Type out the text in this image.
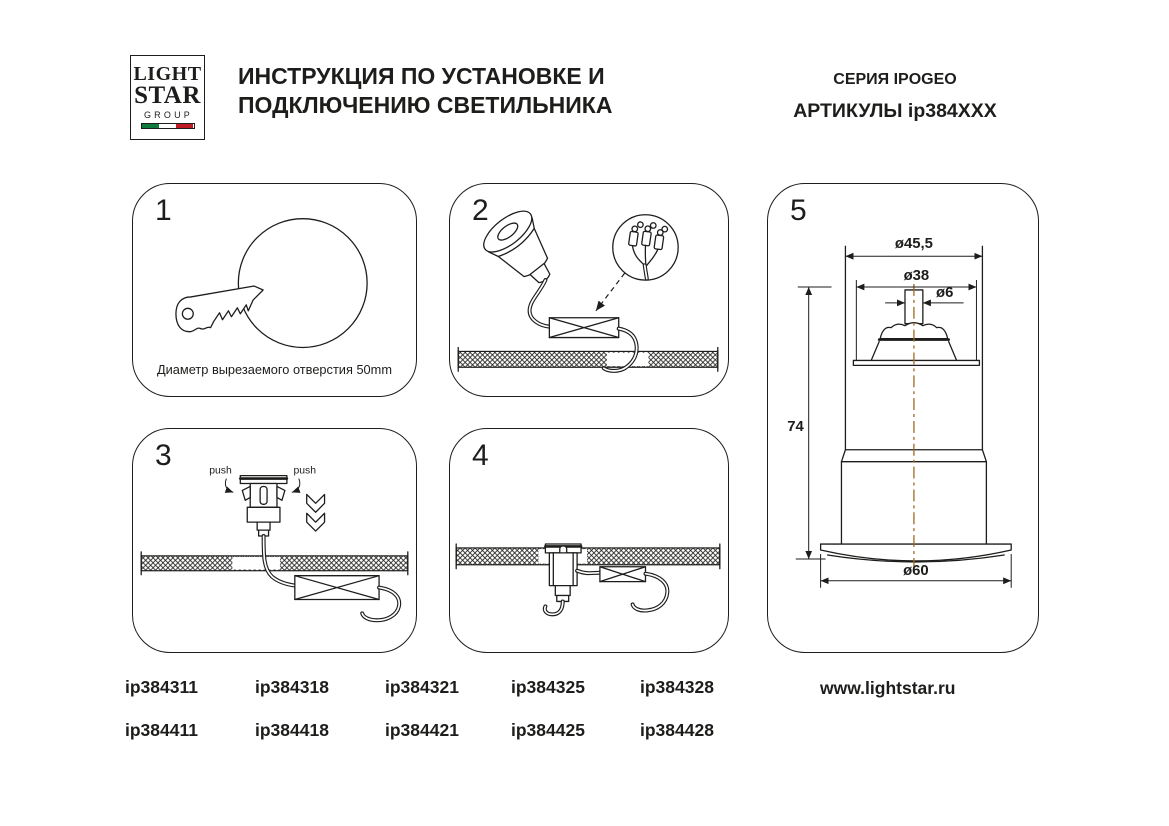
LIGHT
STAR
GROUP
ИНСТРУКЦИЯ ПО УСТАНОВКЕ И
ПОДКЛЮЧЕНИЮ СВЕТИЛЬНИКА
СЕРИЯ IPOGEO
АРТИКУЛЫ ip384XXX
1
Диаметр вырезаемого отверстия 50mm
2
push	push
3	4
ø45,5
ø38
ø6
74
ø60
5
ip384311	ip384318	ip384321	ip384325	ip384328
ip384411	ip384418	ip384421	ip384425	ip384428
www.lightstar.ru
